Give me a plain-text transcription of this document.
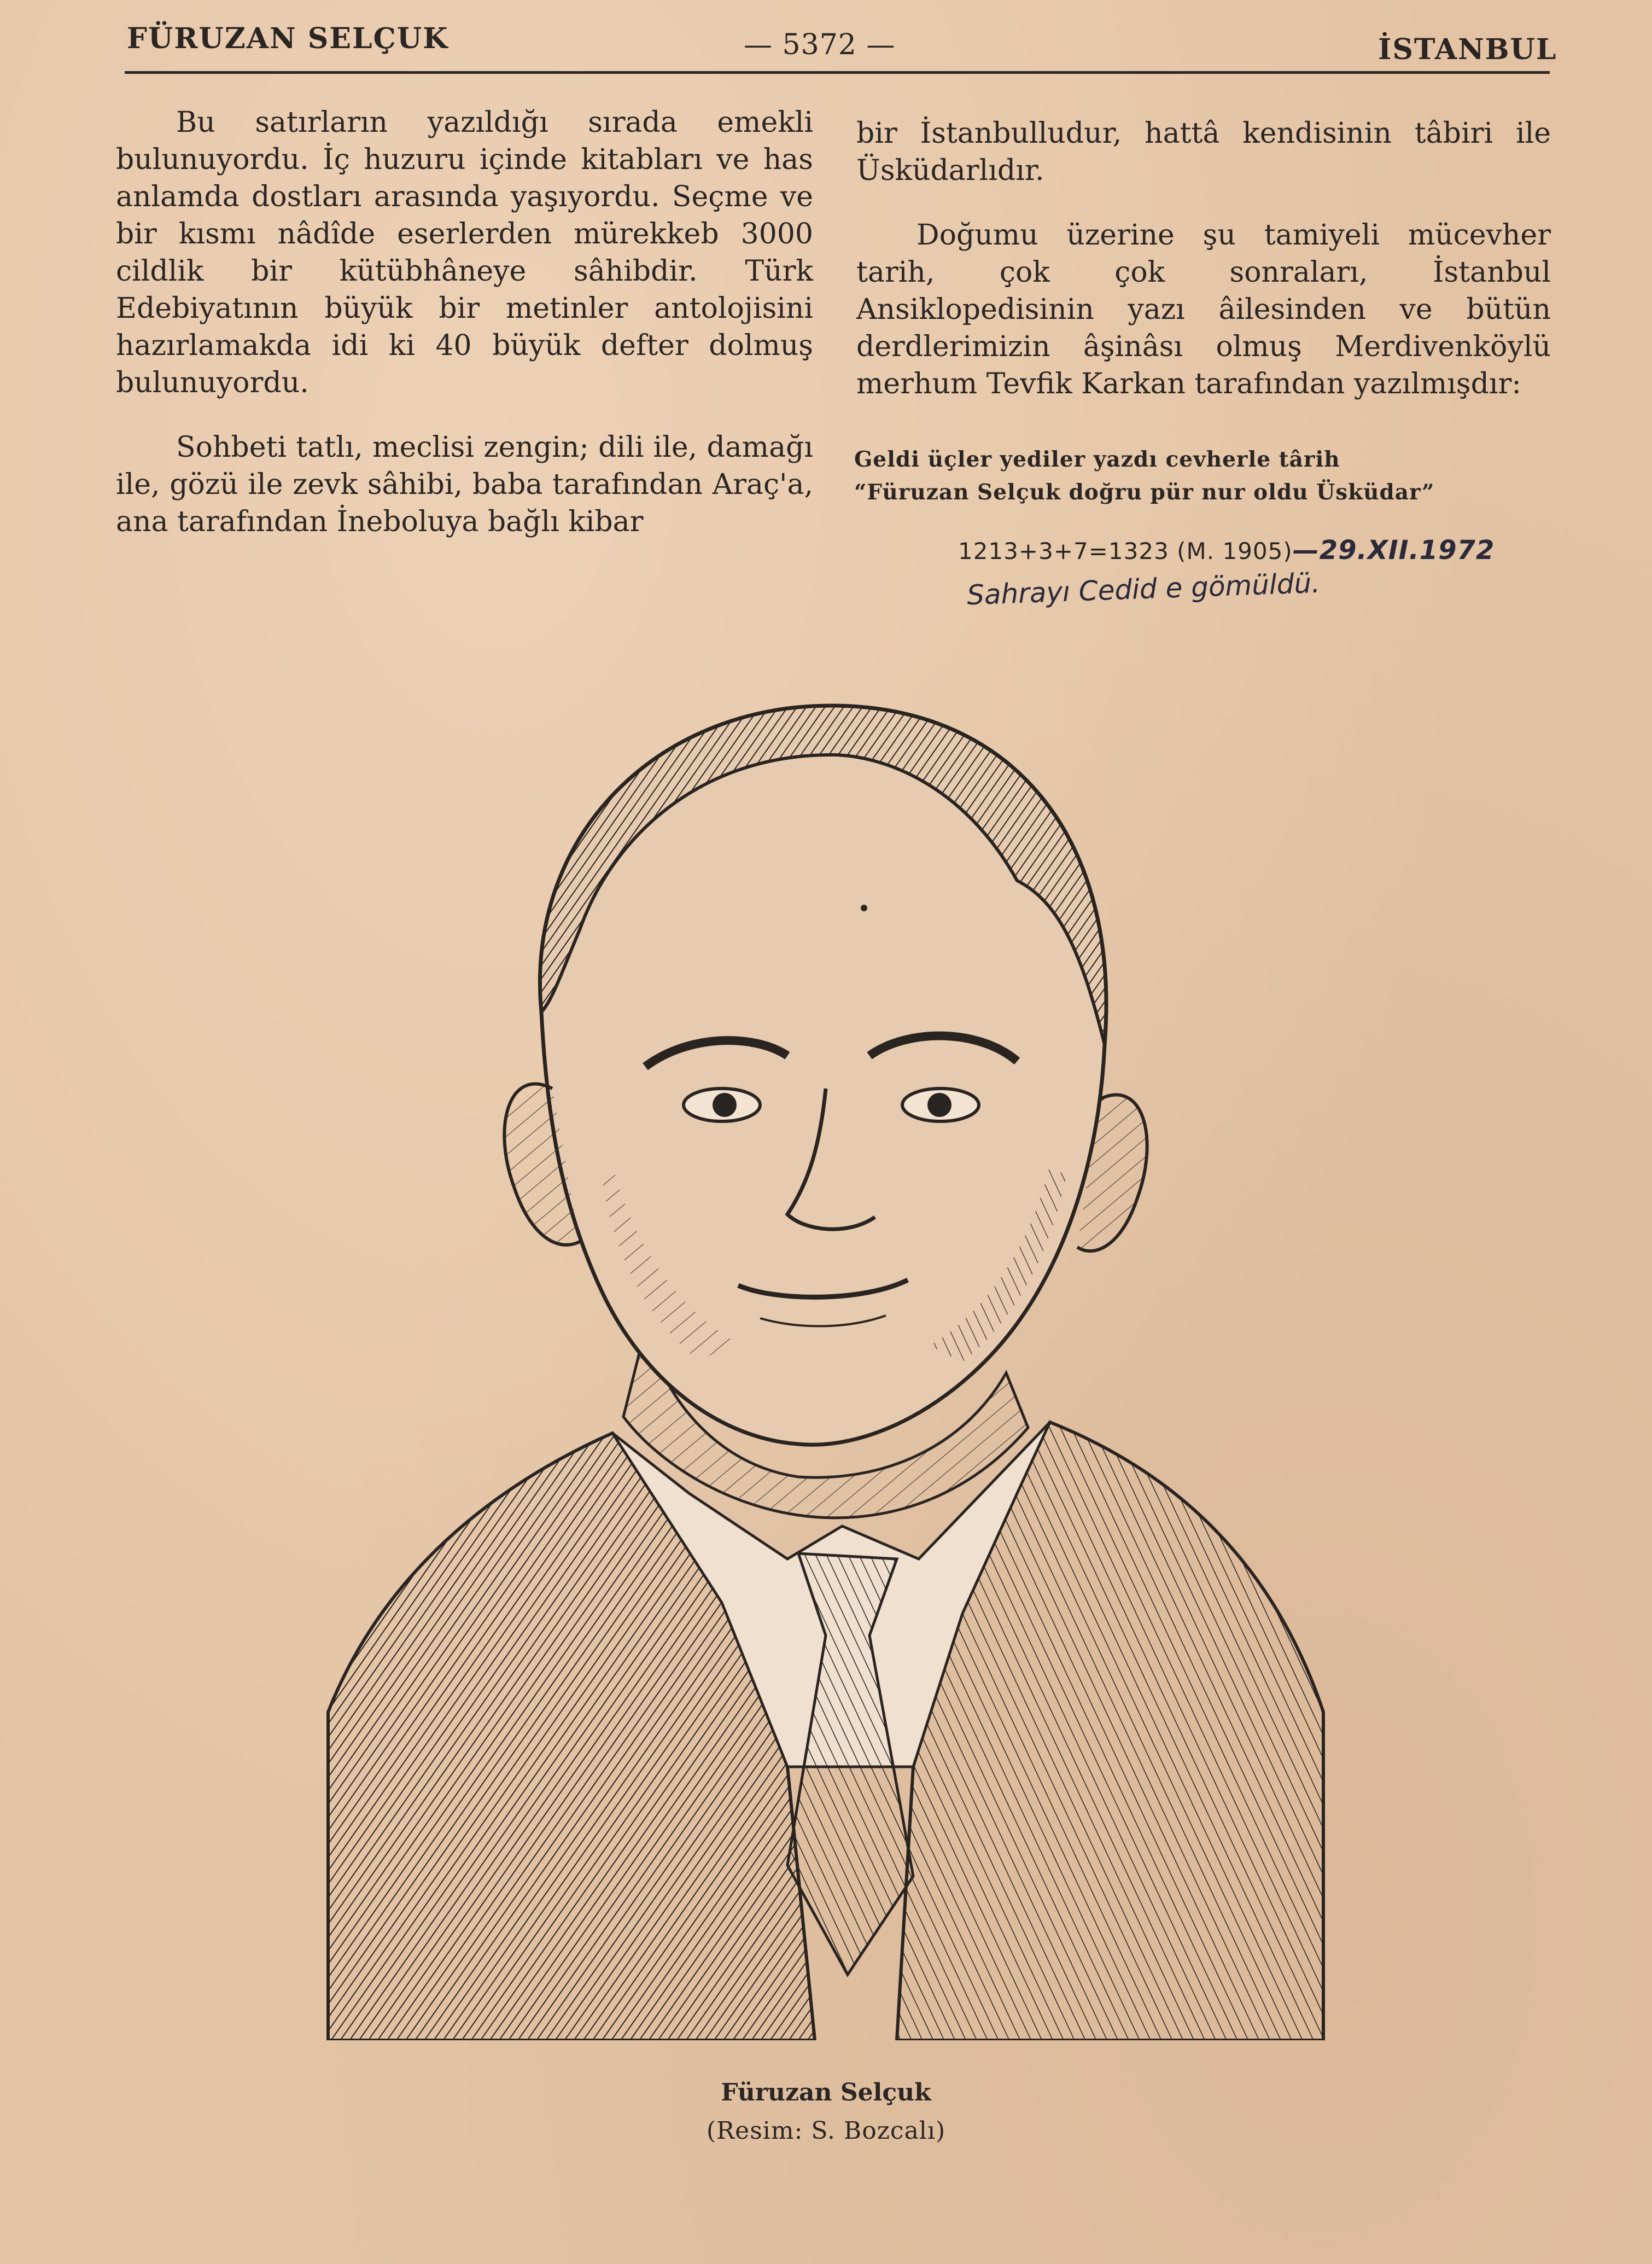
FÜRUZAN SELÇUK	— 5372 —	İSTANBUL

Bu satırların yazıldığı sırada emekli bulunuyordu. İç huzuru içinde kitabları ve has anlamda dostları arasında yaşıyordu. Seçme ve bir kısmı nâdîde eserlerden mürekkeb 3000 cildlik bir kütübhâneye sâhibdir. Türk Edebiyatının büyük bir metinler antolojisini hazırlamakda idi ki 40 büyük defter dolmuş bulunuyordu.

Sohbeti tatlı, meclisi zengin; dili ile, damağı ile, gözü ile zevk sâhibi, baba tarafından Araç'a, ana tarafından İneboluya bağlı kibar

bir İstanbulludur, hattâ kendisinin tâbiri ile Üsküdarlıdır.

Doğumu üzerine şu tamiyeli mücevher tarih, çok çok sonraları, İstanbul Ansiklopedisinin yazı âilesinden ve bütün derdlerimizin âşinâsı olmuş Merdivenköylü merhum Tevfik Karkan tarafından yazılmışdır:

Geldi üçler yediler yazdı cevherle târih

“Füruzan Selçuk doğru pür nur oldu Üsküdar”

1213+3+7=1323 (M. 1905)—29.XII.1972
Sahrayı Cedid e gömüldü.
Füruzan Selçuk
(Resim: S. Bozcalı)
